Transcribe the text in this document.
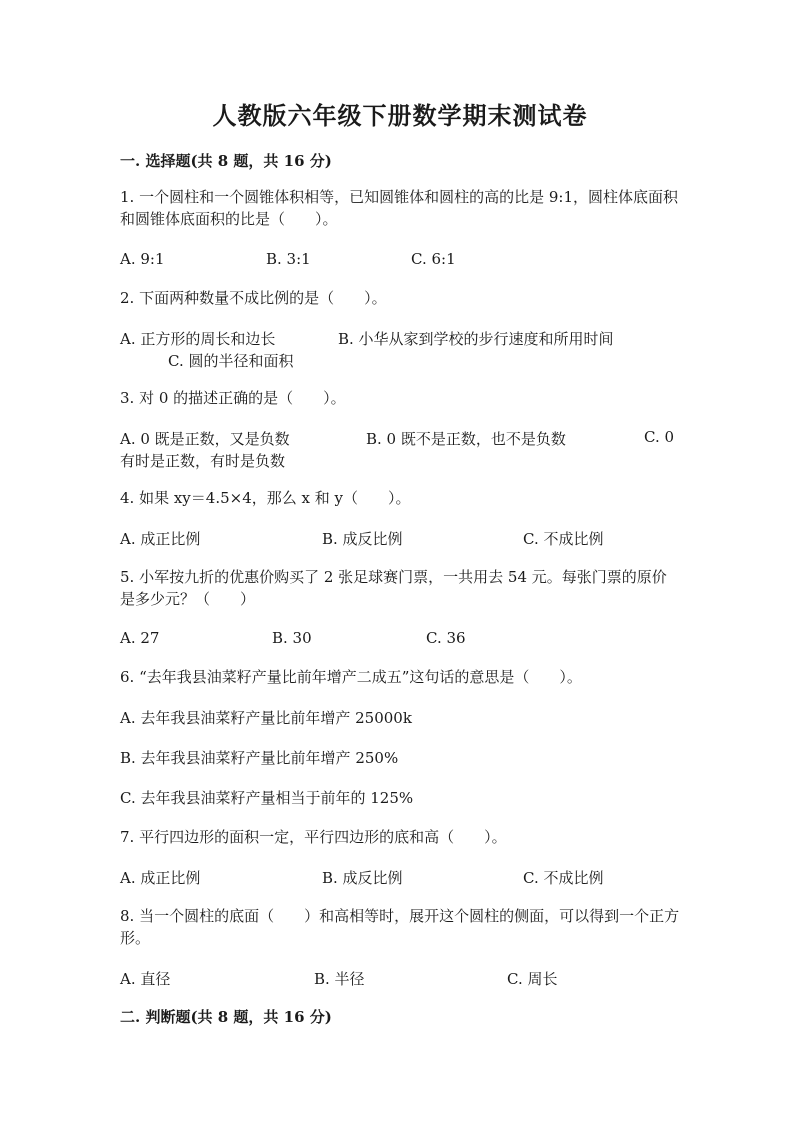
人教版六年级下册数学期末测试卷
一. 选择题(共 8 题，共 16 分)
1. 一个圆柱和一个圆锥体积相等，已知圆锥体和圆柱的高的比是 9:1，圆柱体底面积和圆锥体底面积的比是（　　）。
A. 9:1	B. 3:1	C. 6:1
2. 下面两种数量不成比例的是（　　）。
A. 正方形的周长和边长	B. 小华从家到学校的步行速度和所用时间
C. 圆的半径和面积
3. 对 0 的描述正确的是（　　）。
A. 0 既是正数，又是负数	B. 0 既不是正数，也不是负数	C. 0
有时是正数，有时是负数
4. 如果 xy＝4.5×4，那么 x 和 y（　　）。
A. 成正比例	B. 成反比例	C. 不成比例
5. 小军按九折的优惠价购买了 2 张足球赛门票，一共用去 54 元。每张门票的原价是多少元？（　　）
A. 27	B. 30	C. 36
6. “去年我县油菜籽产量比前年增产二成五”这句话的意思是（　　）。
A. 去年我县油菜籽产量比前年增产 25000k
B. 去年我县油菜籽产量比前年增产 250%
C. 去年我县油菜籽产量相当于前年的 125%
7. 平行四边形的面积一定，平行四边形的底和高（　　）。
A. 成正比例	B. 成反比例	C. 不成比例
8. 当一个圆柱的底面（　　）和高相等时，展开这个圆柱的侧面，可以得到一个正方形。
A. 直径	B. 半径	C. 周长
二. 判断题(共 8 题，共 16 分)
